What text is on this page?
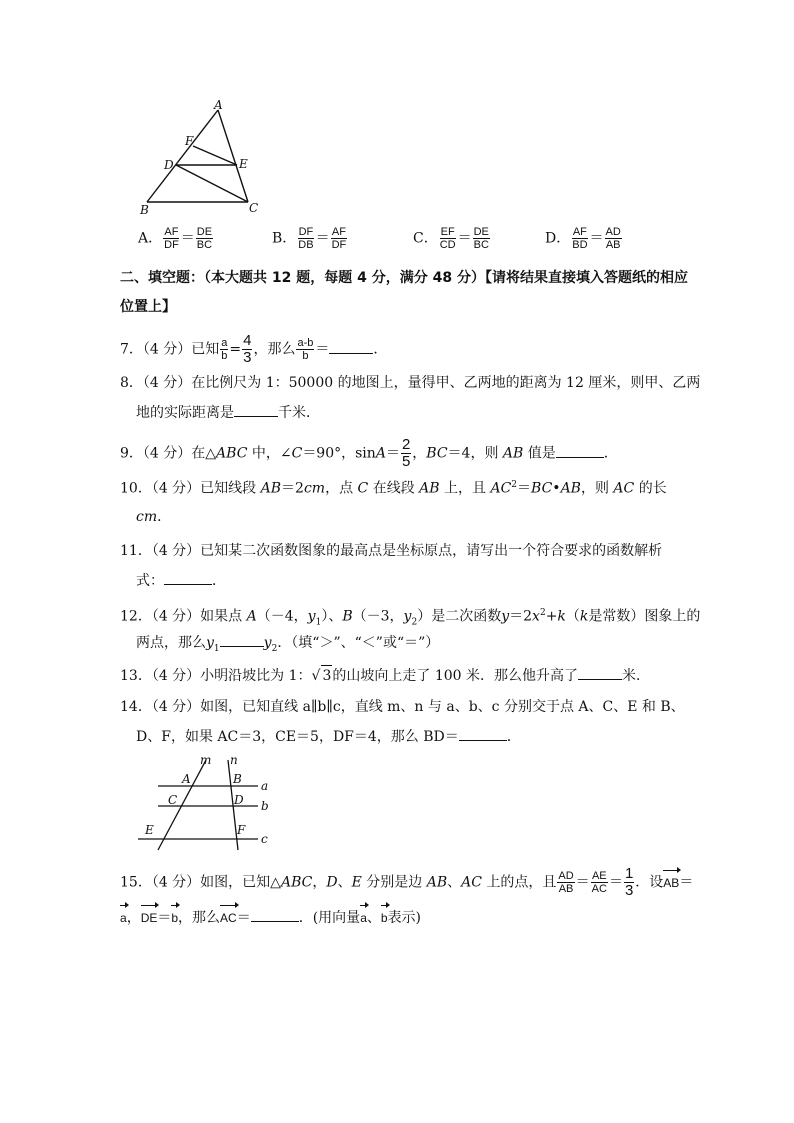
A
F
D	E
B	C
A． $\frac{AF}{DF} = \frac{DE}{BC}$	B． $\frac{DF}{DB} = \frac{AF}{DF}$	C． $\frac{EF}{CD} = \frac{DE}{BC}$	D． $\frac{AF}{BD} = \frac{AD}{AB}$
二、填空题：（本大题共 12 题，每题 4 分，满分 48 分）【请将结果直接填入答题纸的相应
位置上】
7．（4 分）已知 $\frac{a}{b} = \frac{4}{3}$ ，那么 $\frac{a-b}{b}$ ＝	．
8．（4 分）在比例尺为 1：50000 的地图上，量得甲、乙两地的距离为 12 厘米，则甲、乙两
地的实际距离是	千米．
9．（4 分）在△ABC 中，∠C＝90°，$\sin A= \frac{2}{5}$ ，BC＝4，则 AB 值是	．
10．（4 分）已知线段 AB＝2cm，点 C 在线段 AB 上，且 $AC^2=BC•AB$，则 AC 的长
cm．
11．（4 分）已知某二次函数图象的最高点是坐标原点，请写出一个符合要求的函数解析
式：	．
12．（4 分）如果点 A（－4，$y_1$）、B（－3，$y_2$）是二次函数$y=2x^2+k(k$是常数）图象上的
两点，那么$y_1$	$y_2$．（填“＞”、“＜”或“＝”）
13．（4 分）小明沿坡比为 1：√ 3的山坡向上走了 100 米．那么他升高了	米．
14．（4 分）如图，已知直线 a∥b∥c，直线 m、n 与 a、b、c 分别交于点 A、C、E 和 B、
D、F，如果 AC＝3，CE＝5，DF＝4，那么 BD＝	．
m n
A	B a
C	D b
E	F
c
15．（4 分）如图，已知△ABC，D、E 分别是边 AB、AC 上的点，且 $\frac{AD}{AB} = \frac{AE}{AC} = \frac{1}{3}$ ．设AB＝
a，DE＝b，那么AC＝	．(用向量a、b表示)
